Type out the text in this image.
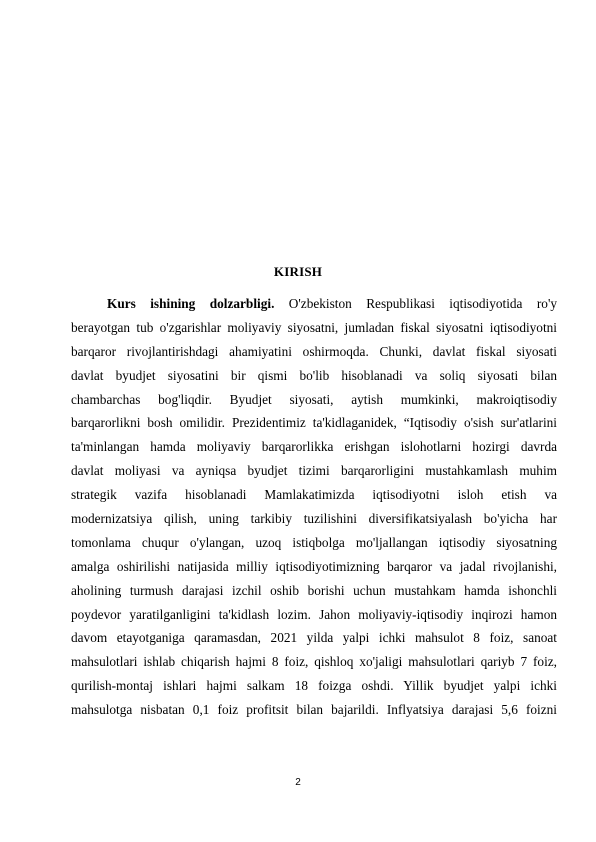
KIRISH
Kurs ishining dolzarbligi. O'zbekiston Respublikasi iqtisodiyotida ro'y
berayotgan tub o'zgarishlar moliyaviy siyosatni, jumladan fiskal siyosatni iqtisodiyotni
barqaror rivojlantirishdagi ahamiyatini oshirmoqda. Chunki, davlat fiskal siyosati
davlat byudjet siyosatini bir qismi bo'lib hisoblanadi va soliq siyosati bilan
chambarchas bog'liqdir. Byudjet siyosati, aytish mumkinki, makroiqtisodiy
barqarorlikni bosh omilidir. Prezidentimiz ta'kidlaganidek, “Iqtisodiy o'sish sur'atlarini
ta'minlangan hamda moliyaviy barqarorlikka erishgan islohotlarni hozirgi davrda
davlat moliyasi va ayniqsa byudjet tizimi barqarorligini mustahkamlash muhim
strategik vazifa hisoblanadi Mamlakatimizda iqtisodiyotni isloh etish va
modernizatsiya qilish, uning tarkibiy tuzilishini diversifikatsiyalash bo'yicha har
tomonlama chuqur o'ylangan, uzoq istiqbolga mo'ljallangan iqtisodiy siyosatning
amalga oshirilishi natijasida milliy iqtisodiyotimizning barqaror va jadal rivojlanishi,
aholining turmush darajasi izchil oshib borishi uchun mustahkam hamda ishonchli
poydevor yaratilganligini ta'kidlash lozim. Jahon moliyaviy-iqtisodiy inqirozi hamon
davom etayotganiga qaramasdan, 2021 yilda yalpi ichki mahsulot 8 foiz, sanoat
mahsulotlari ishlab chiqarish hajmi 8 foiz, qishloq xo'jaligi mahsulotlari qariyb 7 foiz,
qurilish-montaj ishlari hajmi salkam 18 foizga oshdi. Yillik byudjet yalpi ichki
mahsulotga nisbatan 0,1 foiz profitsit bilan bajarildi. Inflyatsiya darajasi 5,6 foizni
2
